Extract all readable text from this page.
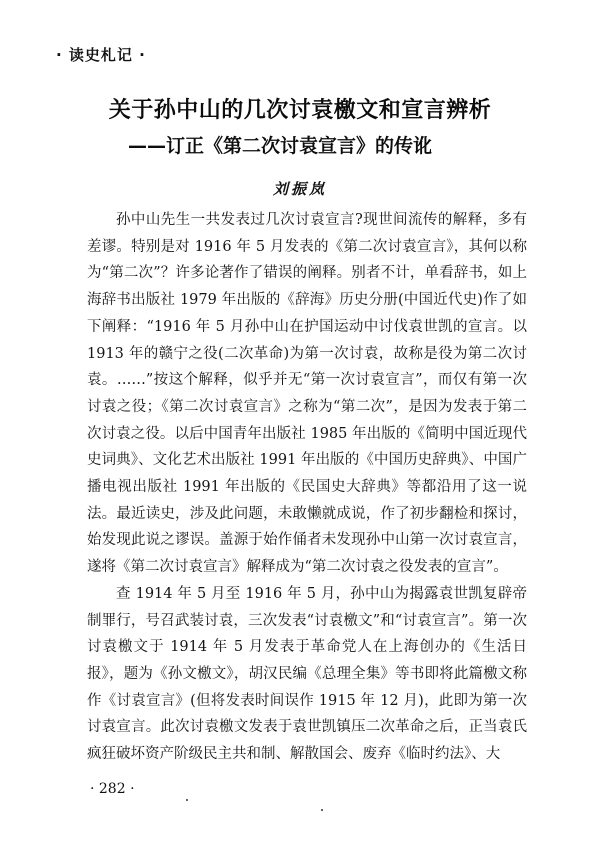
· 读史札记 ·
关于孙中山的几次讨袁檄文和宣言辨析
——订正《第二次讨袁宣言》的传讹
刘振岚

孙中山先生一共发表过几次讨袁宣言?现世间流传的解释，多有差谬。特别是对 1916 年 5 月发表的《第二次讨袁宣言》，其何以称为“第二次”？许多论著作了错误的阐释。别者不计，单看辞书，如上海辞书出版社 1979 年出版的《辞海》历史分册(中国近代史)作了如下阐释：“1916 年 5 月孙中山在护国运动中讨伐袁世凯的宣言。以 1913 年的赣宁之役(二次革命)为第一次讨袁，故称是役为第二次讨袁。……”按这个解释，似乎并无“第一次讨袁宣言”，而仅有第一次讨袁之役；《第二次讨袁宣言》之称为“第二次”，是因为发表于第二次讨袁之役。以后中国青年出版社 1985 年出版的《简明中国近现代史词典》、文化艺术出版社 1991 年出版的《中国历史辞典》、中国广播电视出版社 1991 年出版的《民国史大辞典》等都沿用了这一说法。最近读史，涉及此问题，未敢懒就成说，作了初步翻检和探讨，始发现此说之谬误。盖源于始作俑者未发现孙中山第一次讨袁宣言，遂将《第二次讨袁宣言》解释成为“第二次讨袁之役发表的宣言”。

查 1914 年 5 月至 1916 年 5 月，孙中山为揭露袁世凯复辟帝制罪行，号召武装讨袁，三次发表“讨袁檄文”和“讨袁宣言”。第一次讨袁檄文于 1914 年 5 月发表于革命党人在上海创办的《生活日报》，题为《孙文檄文》，胡汉民编《总理全集》等书即将此篇檄文称作《讨袁宣言》(但将发表时间误作 1915 年 12 月)，此即为第一次讨袁宣言。此次讨袁檄文发表于袁世凯镇压二次革命之后，正当袁氏疯狂破坏资产阶级民主共和制、解散国会、废弃《临时约法》、大

· 282 ·
